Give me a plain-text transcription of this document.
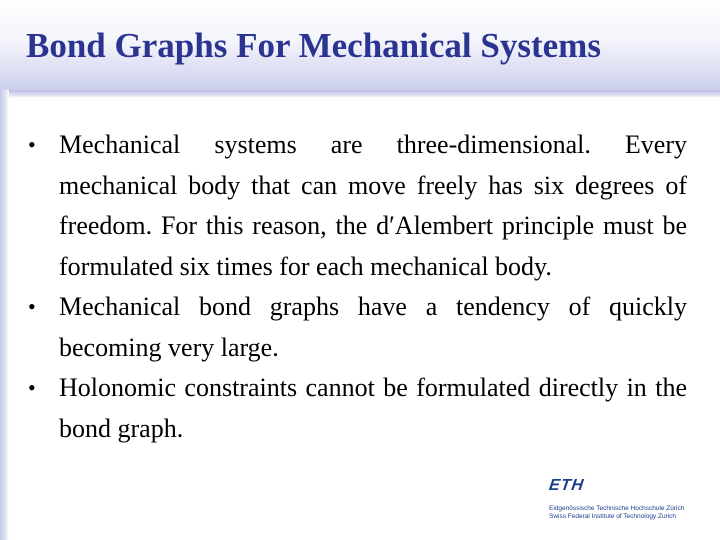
Bond Graphs For Mechanical Systems
• Mechanical systems are three-dimensional. Every mechanical body that can move freely has six degrees of freedom. For this reason, the d′Alembert principle must be formulated six times for each mechanical body.
• Mechanical bond graphs have a tendency of quickly becoming very large.
• Holonomic constraints cannot be formulated directly in the bond graph.
ETH
Eidgenössische Technische Hochschule Zürich
Swiss Federal Institute of Technology Zurich
